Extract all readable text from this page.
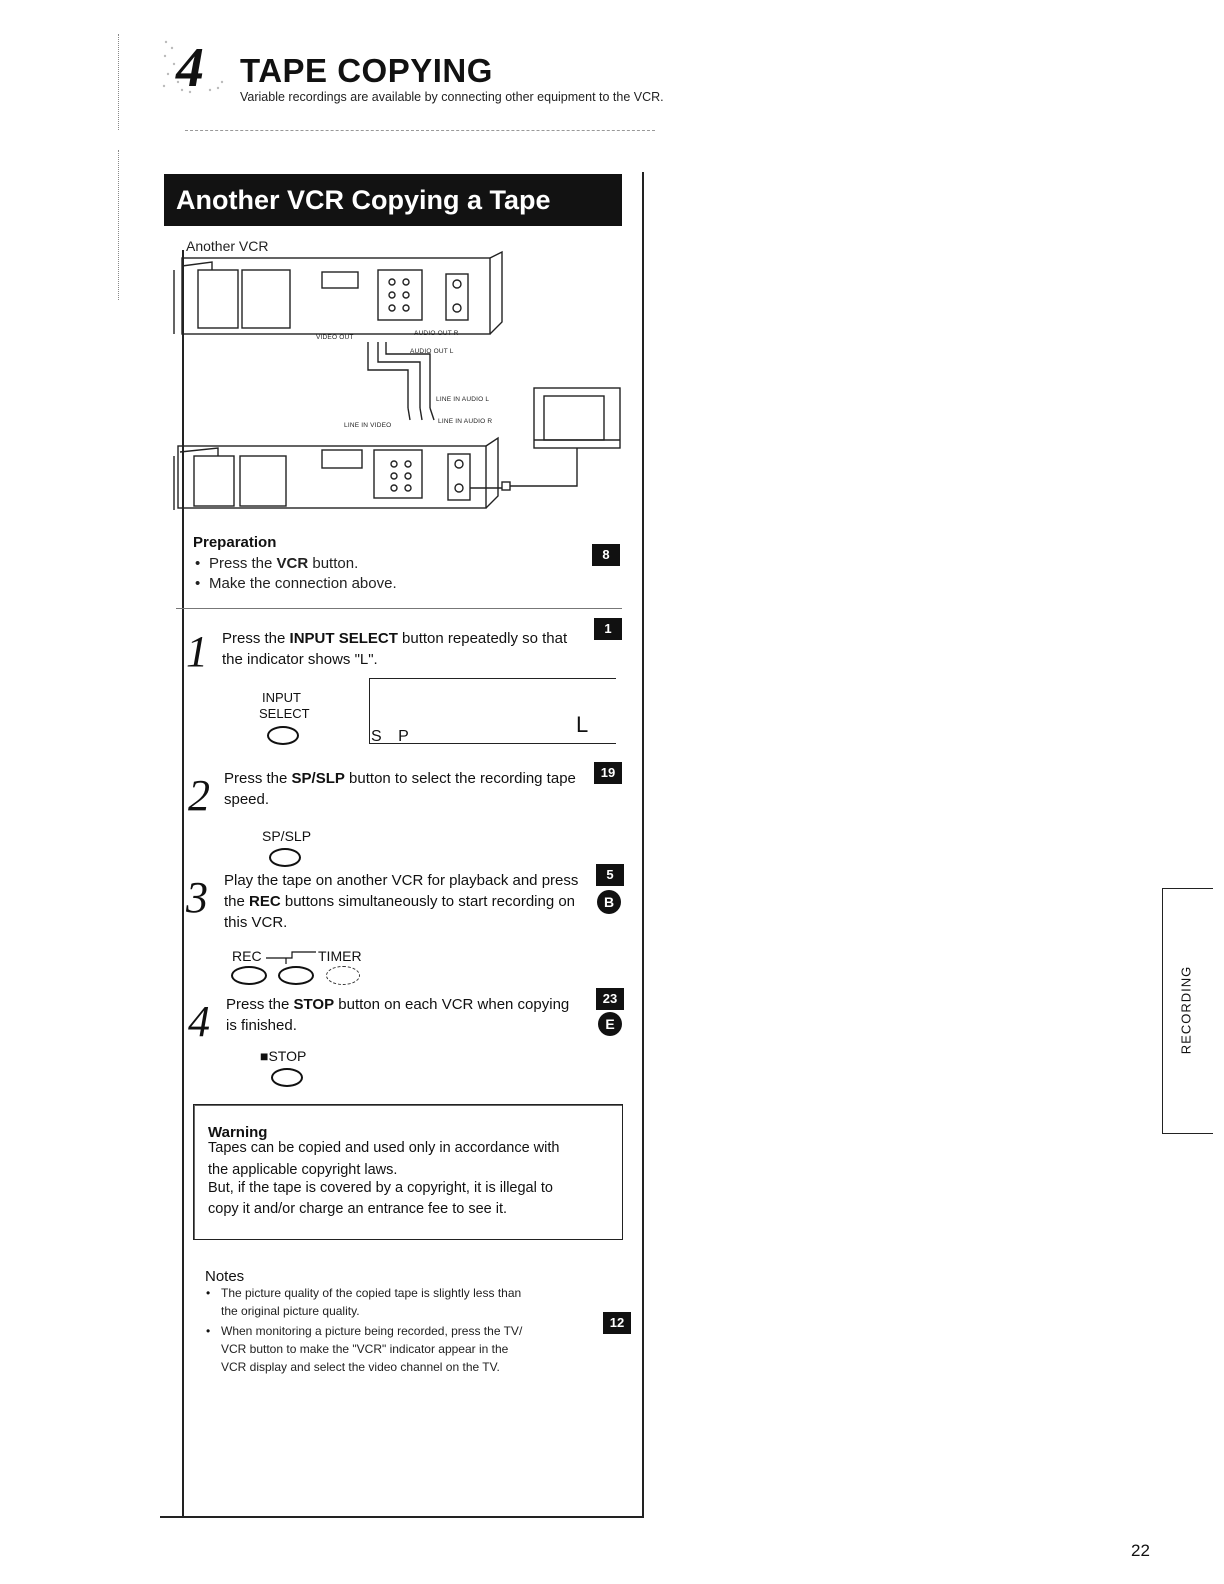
4 TAPE COPYING
Variable recordings are available by connecting other equipment to the VCR.
Another VCR Copying a Tape
Another VCR
VIDEO OUT
AUDIO OUT R
AUDIO OUT L
LINE IN AUDIO L
LINE IN VIDEO
LINE IN AUDIO R
Preparation
8
• Press the VCR button.
• Make the connection above.
1 Press the INPUT SELECT button repeatedly so that the indicator shows "L".
1
INPUT
SELECT
S P	L
2 Press the SP/SLP button to select the recording tape speed.
19
SP/SLP
3 Play the tape on another VCR for playback and press the REC buttons simultaneously to start recording on this VCR.
5
B
REC	TIMER
4 Press the STOP button on each VCR when copying is finished.
23
E
■STOP
Warning
Tapes can be copied and used only in accordance with
the applicable copyright laws.
But, if the tape is covered by a copyright, it is illegal to
copy it and/or charge an entrance fee to see it.
Notes
• The picture quality of the copied tape is slightly less than
the original picture quality.
• When monitoring a picture being recorded, press the TV/
VCR button to make the "VCR" indicator appear in the
VCR display and select the video channel on the TV.
12
RECORDING
22
